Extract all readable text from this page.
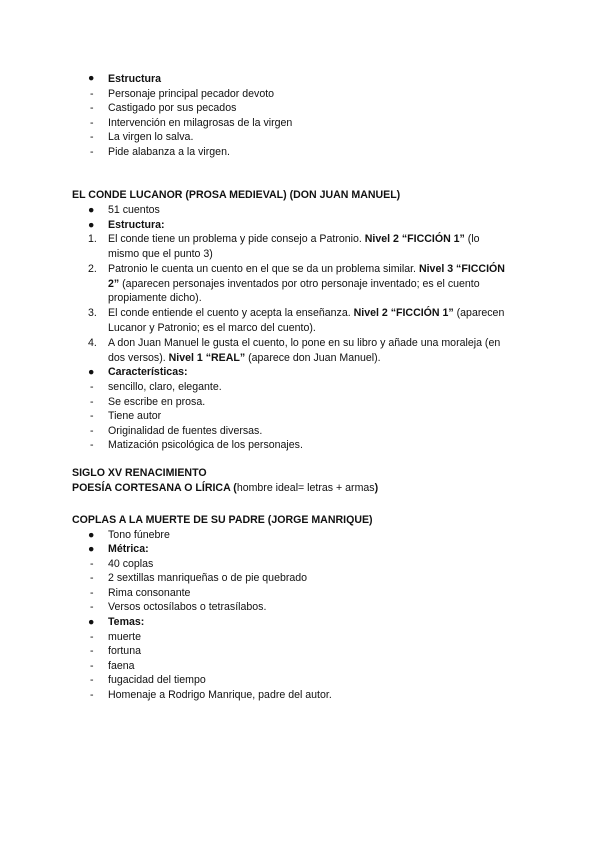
Estructura
●
-	Personaje principal pecador devoto
-	Castigado por sus pecados
-	Intervención en milagrosas de la virgen
-	La virgen lo salva.
-	Pide alabanza a la virgen.
EL CONDE LUCANOR (PROSA MEDIEVAL) (DON JUAN MANUEL)
●	51 cuentos
●	Estructura:
1.	El conde tiene un problema y pide consejo a Patronio. Nivel 2 “FICCIÓN 1” (lo
mismo que el punto 3)
2.	Patronio le cuenta un cuento en el que se da un problema similar. Nivel 3 “FICCIÓN
2” (aparecen personajes inventados por otro personaje inventado; es el cuento
propiamente dicho).
3.	El conde entiende el cuento y acepta la enseñanza. Nivel 2 “FICCIÓN 1” (aparecen
Lucanor y Patronio; es el marco del cuento).
4.	A don Juan Manuel le gusta el cuento, lo pone en su libro y añade una moraleja (en
dos versos). Nivel 1 “REAL” (aparece don Juan Manuel).
●	Características:
-	sencillo, claro, elegante.
-	Se escribe en prosa.
-	Tiene autor
-	Originalidad de fuentes diversas.
-	Matización psicológica de los personajes.
SIGLO XV RENACIMIENTO
POESÍA CORTESANA O LÍRICA (hombre ideal= letras + armas)
COPLAS A LA MUERTE DE SU PADRE (JORGE MANRIQUE)
●	Tono fúnebre
●	Métrica:
-	40 coplas
-	2 sextillas manriqueñas o de pie quebrado
-	Rima consonante
-	Versos octosílabos o tetrasílabos.
●	Temas:
-	muerte
-	fortuna
-	faena
-	fugacidad del tiempo
-	Homenaje a Rodrigo Manrique, padre del autor.
